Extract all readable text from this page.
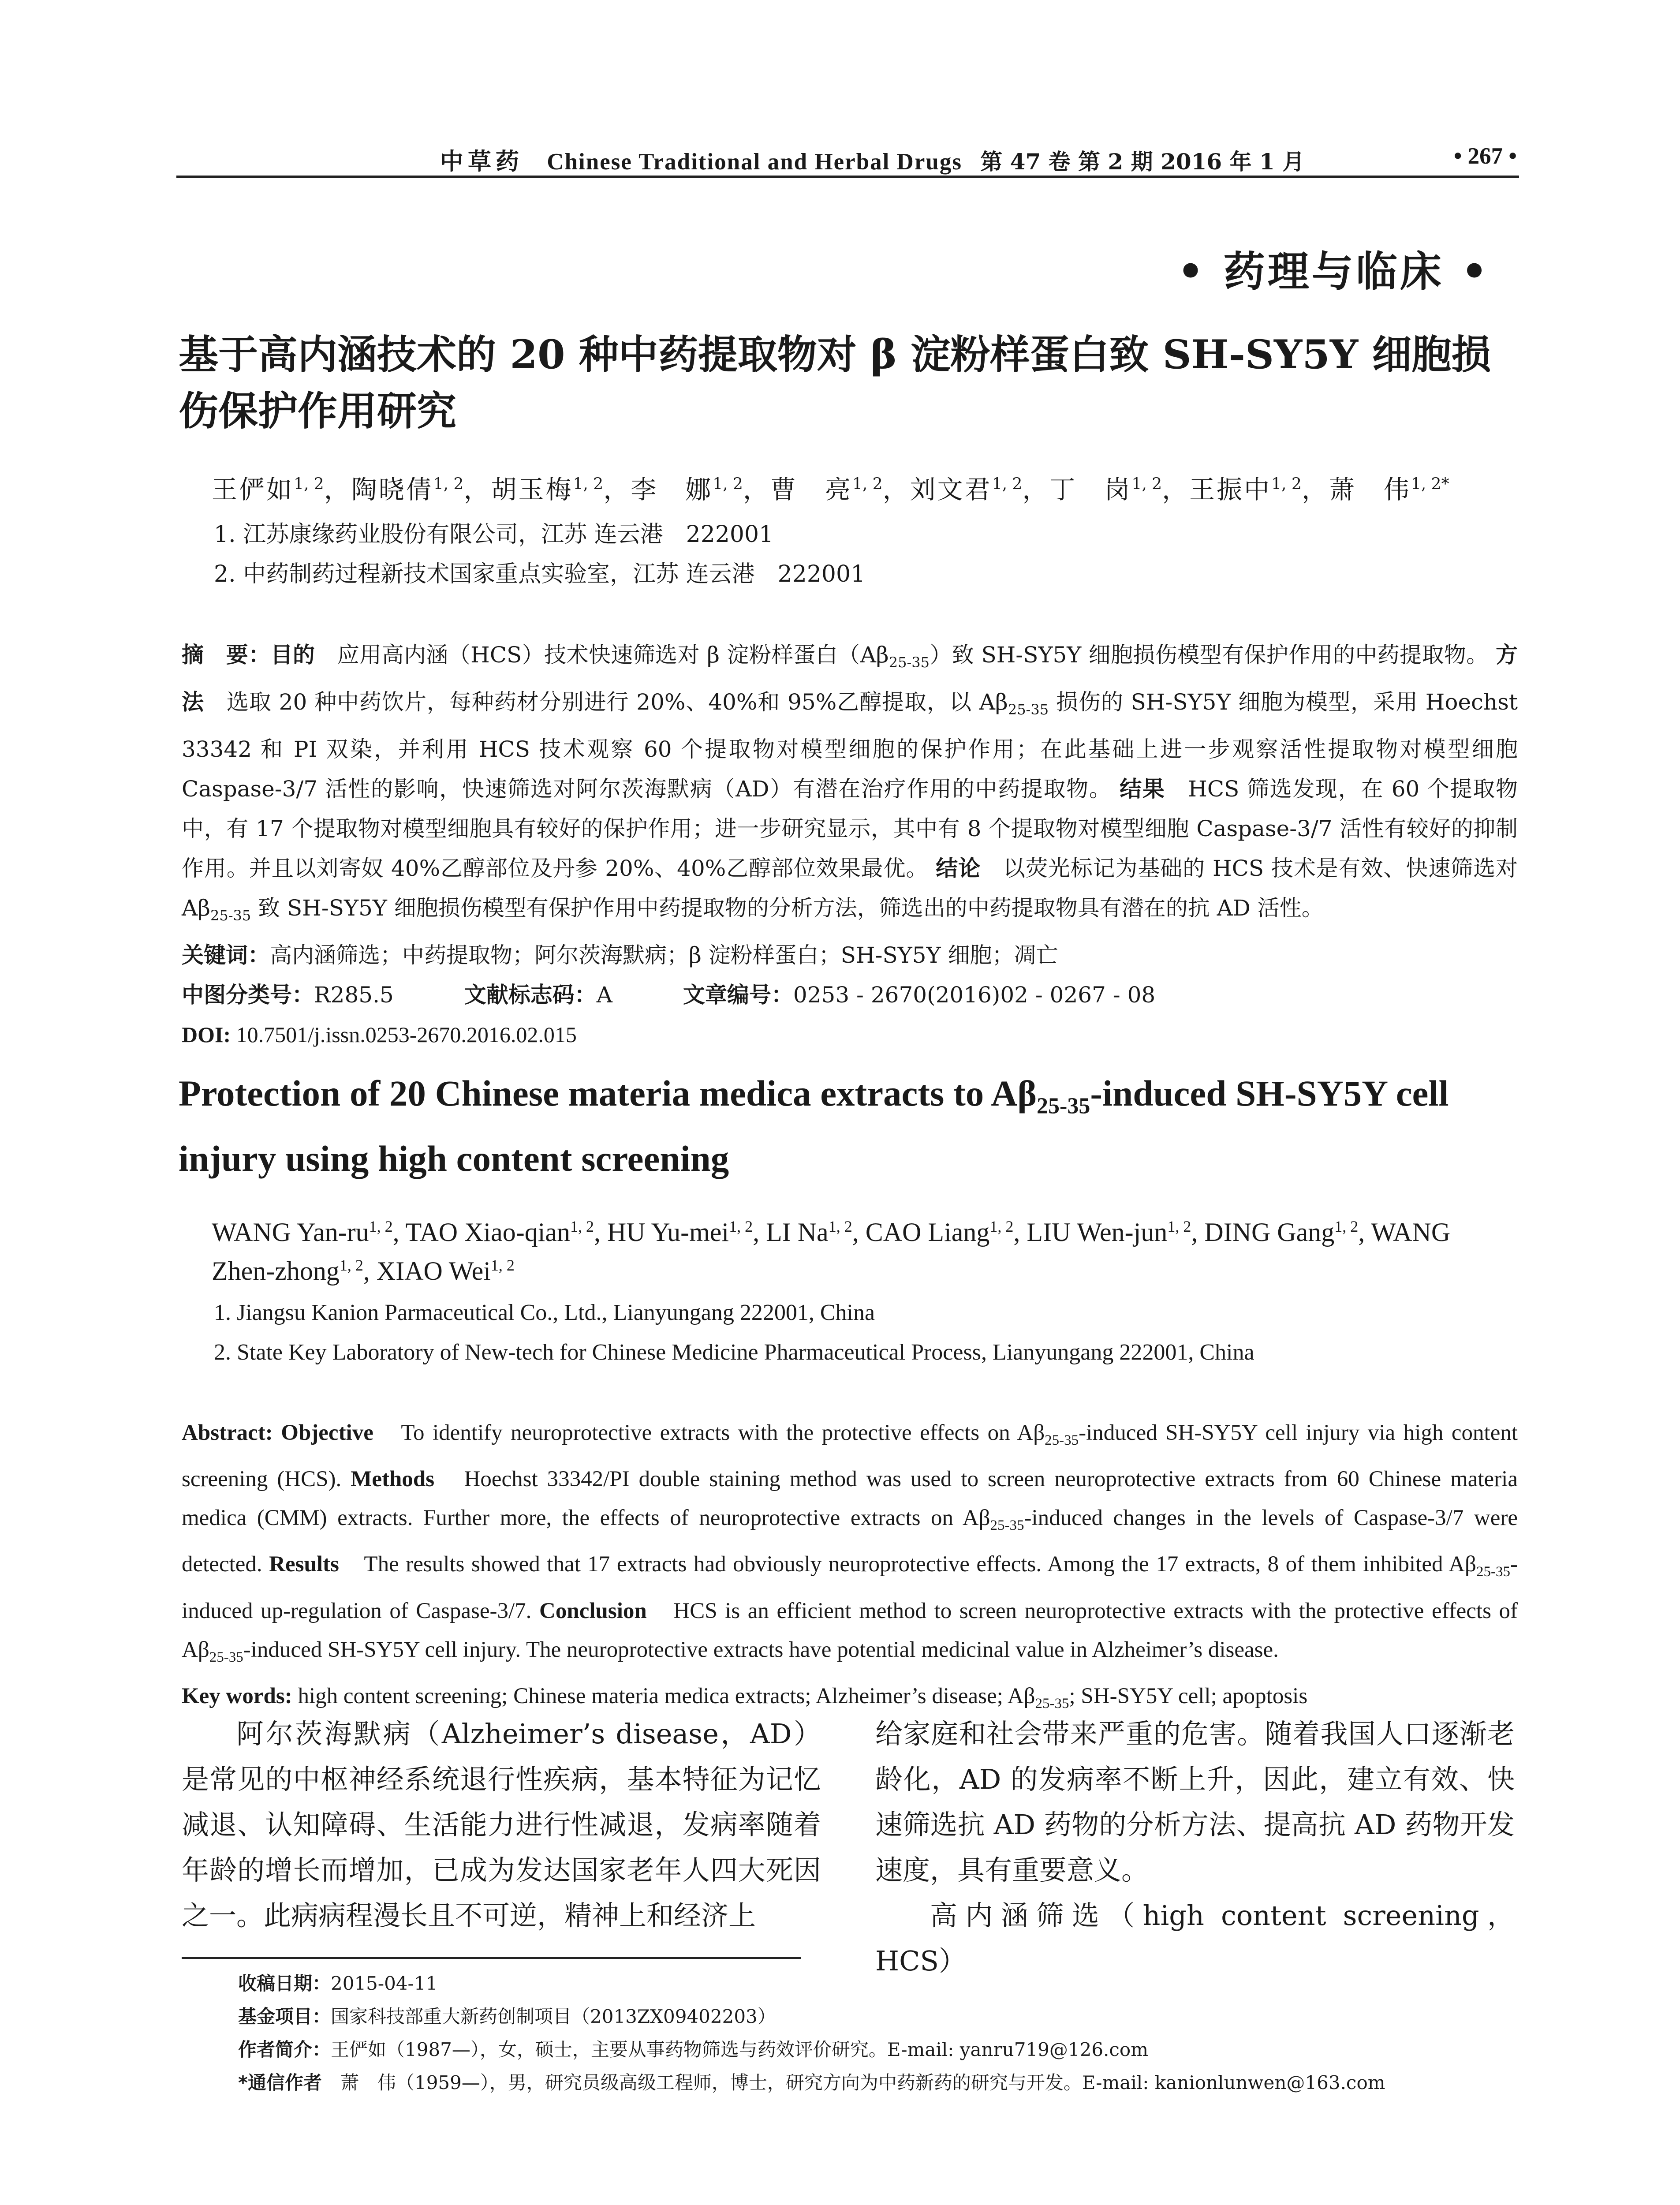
中草药 Chinese Traditional and Herbal Drugs 第 47 卷 第 2 期 2016 年 1 月	• 267 •
• 药理与临床 •
基于高内涵技术的 20 种中药提取物对 β 淀粉样蛋白致 SH-SY5Y 细胞损伤保护作用研究
王俨如$^{1, 2}$，陶晓倩$^{1, 2}$，胡玉梅$^{1, 2}$，李　娜$^{1, 2}$，曹　亮$^{1, 2}$，刘文君$^{1, 2}$，丁　岗$^{1, 2}$，王振中$^{1, 2}$，萧　伟$^{1, 2*}$
1. 江苏康缘药业股份有限公司，江苏 连云港　222001
2. 中药制药过程新技术国家重点实验室，江苏 连云港　222001
摘　要：目的　应用高内涵（HCS）技术快速筛选对 β 淀粉样蛋白$(A\beta_{25-35})$致 SH-SY5Y 细胞损伤模型有保护作用的中药提取物。 方法　选取 20 种中药饮片，每种药材分别进行 20%、40%和 95%乙醇提取，以 $A\beta_{25-35}$ 损伤的 SH-SY5Y 细胞为模型，采用 Hoechst 33342 和 PI 双染，并利用 HCS 技术观察 60 个提取物对模型细胞的保护作用；在此基础上进一步观察活性提取物对模型细胞 Caspase-3/7 活性的影响，快速筛选对阿尔茨海默病（AD）有潜在治疗作用的中药提取物。 结果　HCS 筛选发现，在 60 个提取物中，有 17 个提取物对模型细胞具有较好的保护作用；进一步研究显示，其中有 8 个提取物对模型细胞 Caspase-3/7 活性有较好的抑制作用。并且以刘寄奴 40%乙醇部位及丹参 20%、40%乙醇部位效果最优。 结论　以荧光标记为基础的 HCS 技术是有效、快速筛选对 $A\beta_{25-35}$ 致 SH-SY5Y 细胞损伤模型有保护作用中药提取物的分析方法，筛选出的中药提取物具有潜在的抗 AD 活性。
关键词：高内涵筛选；中药提取物；阿尔茨海默病；β 淀粉样蛋白；SH-SY5Y 细胞；凋亡
中图分类号：R285.5	文献标志码：A	文章编号：0253 - 2670(2016)02 - 0267 - 08
DOI: 10.7501/j.issn.0253-2670.2016.02.015
Protection of 20 Chinese materia medica extracts to $A\beta_{25-35}$-induced SH-SY5Y cell injury using high content screening
WANG Yan-ru$^{1, 2}$, TAO Xiao-qian$^{1, 2}$, HU Yu-mei$^{1, 2}$, LI Na$^{1, 2}$, CAO Liang$^{1, 2}$, LIU Wen-jun$^{1, 2}$, DING Gang$^{1, 2}$, WANG Zhen-zhong$^{1, 2}$, XIAO Wei$^{1, 2}$
1. Jiangsu Kanion Parmaceutical Co., Ltd., Lianyungang 222001, China
2. State Key Laboratory of New-tech for Chinese Medicine Pharmaceutical Process, Lianyungang 222001, China
Abstract: Objective　To identify neuroprotective extracts with the protective effects on $A\beta_{25-35}$-induced SH-SY5Y cell injury via high content screening (HCS). Methods　Hoechst 33342/PI double staining method was used to screen neuroprotective extracts from 60 Chinese materia medica (CMM) extracts. Further more, the effects of neuroprotective extracts on $A\beta_{25-35}$-induced changes in the levels of Caspase-3/7 were detected. Results　The results showed that 17 extracts had obviously neuroprotective effects. Among the 17 extracts, 8 of them inhibited $A\beta_{25-35}$-induced up-regulation of Caspase-3/7. Conclusion　HCS is an efficient method to screen neuroprotective extracts with the protective effects of $A\beta_{25-35}$-induced SH-SY5Y cell injury. The neuroprotective extracts have potential medicinal value in Alzheimer’s disease.
Key words: high content screening; Chinese materia medica extracts; Alzheimer’s disease; $A\beta_{25-35}$; SH-SY5Y cell; apoptosis

阿尔茨海默病（Alzheimer’s disease，AD）是常见的中枢神经系统退行性疾病，基本特征为记忆减退、认知障碍、生活能力进行性减退，发病率随着年龄的增长而增加，已成为发达国家老年人四大死因之一。此病病程漫长且不可逆，精神上和经济上

给家庭和社会带来严重的危害。随着我国人口逐渐老龄化，AD 的发病率不断上升，因此，建立有效、快速筛选抗 AD 药物的分析方法、提高抗 AD 药物开发速度，具有重要意义。

高内涵筛选（high content screening，HCS）

收稿日期：2015-04-11
基金项目：国家科技部重大新药创制项目（2013ZX09402203）
作者简介：王俨如（1987—），女，硕士，主要从事药物筛选与药效评价研究。E-mail: yanru719@126.com
*通信作者　萧　伟（1959—），男，研究员级高级工程师，博士，研究方向为中药新药的研究与开发。E-mail: kanionlunwen@163.com
